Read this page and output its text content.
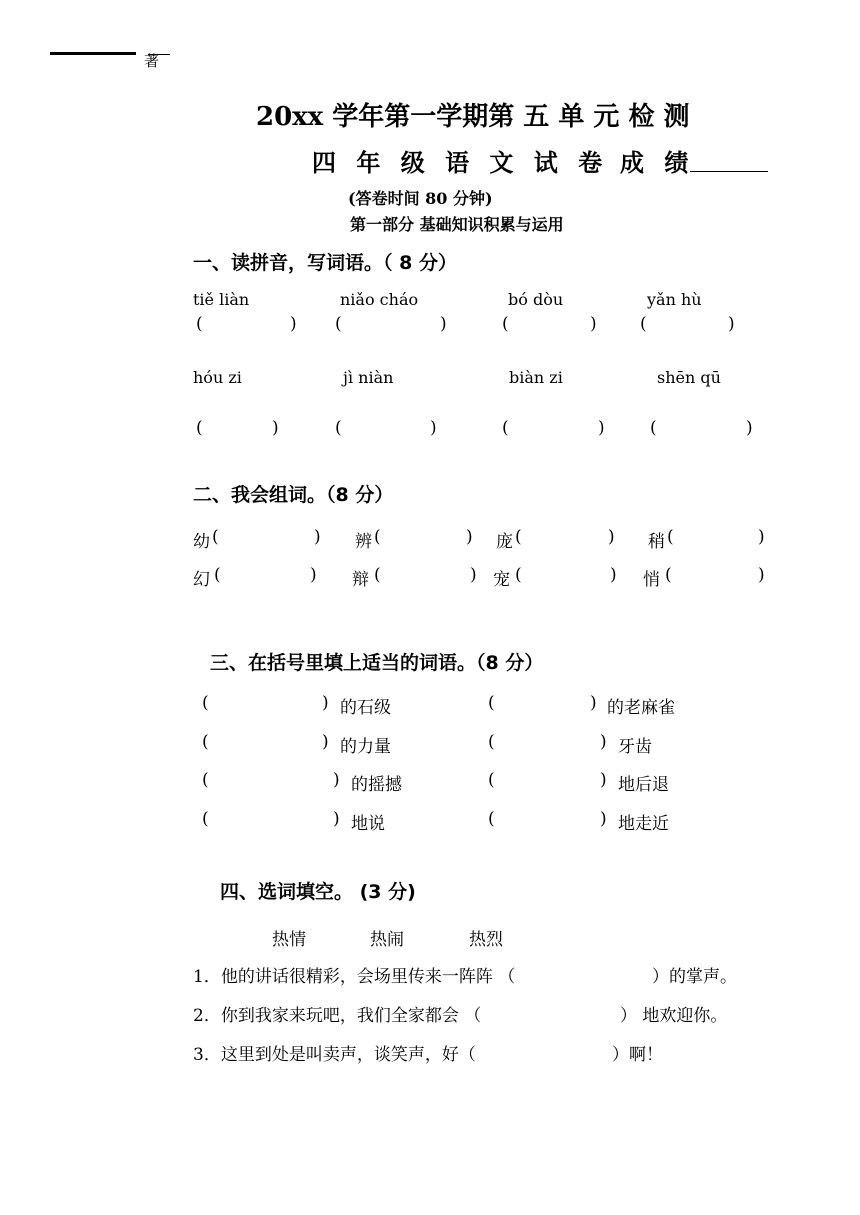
著
20xx 学年第一学期第 五 单 元 检 测
四 年 级 语 文 试 卷 成 绩
(答卷时间 80 分钟)
第一部分 基础知识积累与运用
一、读拼音，写词语。（ 8 分）
tiě liàn	niǎo cháo	bó dòu	yǎn hù
(	) (	)	(	)	(	)
hóu zi	jì niàn	biàn zi	shēn qū
(	)	(	)	(	)	(	)
二、我会组词。（8 分）
幼 (	) 辨 (	) 庞 (	) 稍 (	)
幻 (	) 辩 (	) 宠 (	) 悄 (	)
三、在括号里填上适当的词语。（8 分）
(	) 的石级	(	) 的老麻雀
(	) 的力量	(	) 牙齿
(	) 的摇撼	(	) 地后退
(	) 地说	(	) 地走近
四、选词填空。 (3 分)
热情	热闹	热烈
1．他的讲话很精彩，会场里传来一阵阵 （	）的掌声。
2．你到我家来玩吧，我们全家都会 （	） 地欢迎你。
3．这里到处是叫卖声，谈笑声，好（	）啊！
